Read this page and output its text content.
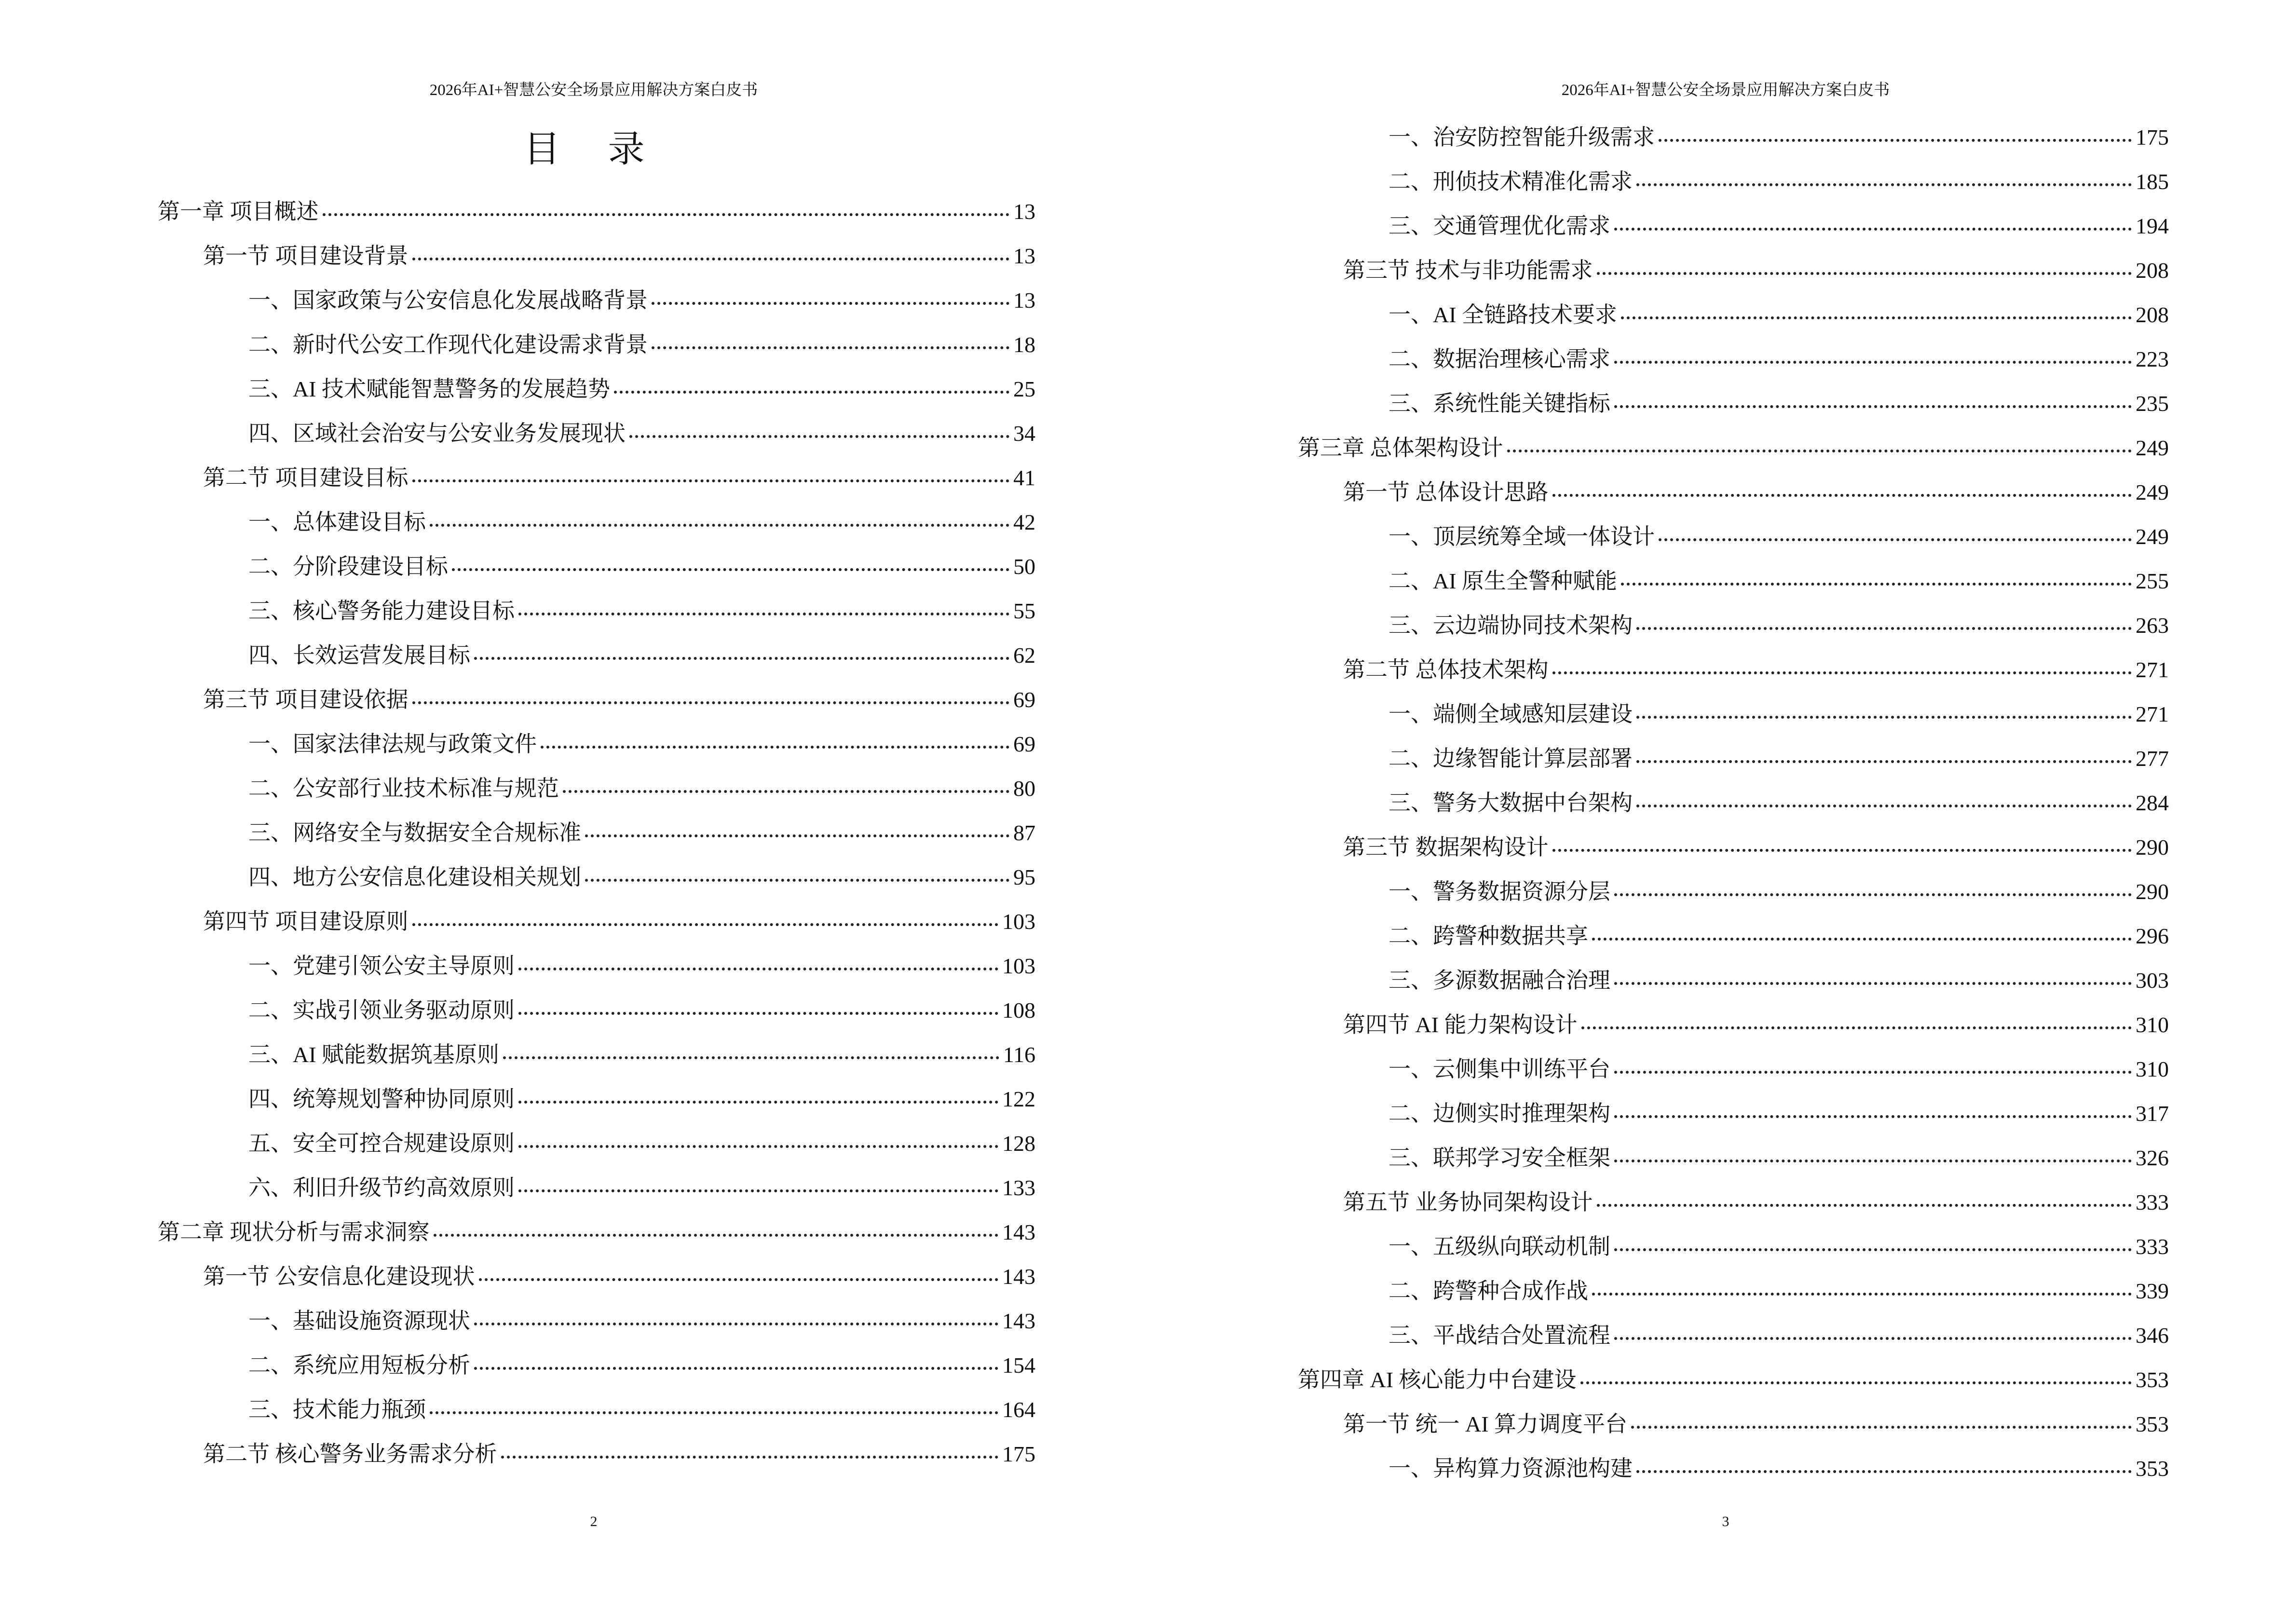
2026年AI+智慧公安全场景应用解决方案白皮书
目 录
第一章 项目概述	13
第一节 项目建设背景	13
一、国家政策与公安信息化发展战略背景	13
二、新时代公安工作现代化建设需求背景	18
三、AI 技术赋能智慧警务的发展趋势	25
四、区域社会治安与公安业务发展现状	34
第二节 项目建设目标	41
一、总体建设目标	42
二、分阶段建设目标	50
三、核心警务能力建设目标	55
四、长效运营发展目标	62
第三节 项目建设依据	69
一、国家法律法规与政策文件	69
二、公安部行业技术标准与规范	80
三、网络安全与数据安全合规标准	87
四、地方公安信息化建设相关规划	95
第四节 项目建设原则	103
一、党建引领公安主导原则	103
二、实战引领业务驱动原则	108
三、AI 赋能数据筑基原则	116
四、统筹规划警种协同原则	122
五、安全可控合规建设原则	128
六、利旧升级节约高效原则	133
第二章 现状分析与需求洞察	143
第一节 公安信息化建设现状	143
一、基础设施资源现状	143
二、系统应用短板分析	154
三、技术能力瓶颈	164
第二节 核心警务业务需求分析	175
2
2026年AI+智慧公安全场景应用解决方案白皮书
一、治安防控智能升级需求	175
二、刑侦技术精准化需求	185
三、交通管理优化需求	194
第三节 技术与非功能需求	208
一、AI 全链路技术要求	208
二、数据治理核心需求	223
三、系统性能关键指标	235
第三章 总体架构设计	249
第一节 总体设计思路	249
一、顶层统筹全域一体设计	249
二、AI 原生全警种赋能	255
三、云边端协同技术架构	263
第二节 总体技术架构	271
一、端侧全域感知层建设	271
二、边缘智能计算层部署	277
三、警务大数据中台架构	284
第三节 数据架构设计	290
一、警务数据资源分层	290
二、跨警种数据共享	296
三、多源数据融合治理	303
第四节 AI 能力架构设计	310
一、云侧集中训练平台	310
二、边侧实时推理架构	317
三、联邦学习安全框架	326
第五节 业务协同架构设计	333
一、五级纵向联动机制	333
二、跨警种合成作战	339
三、平战结合处置流程	346
第四章 AI 核心能力中台建设	353
第一节 统一 AI 算力调度平台	353
一、异构算力资源池构建	353
3
